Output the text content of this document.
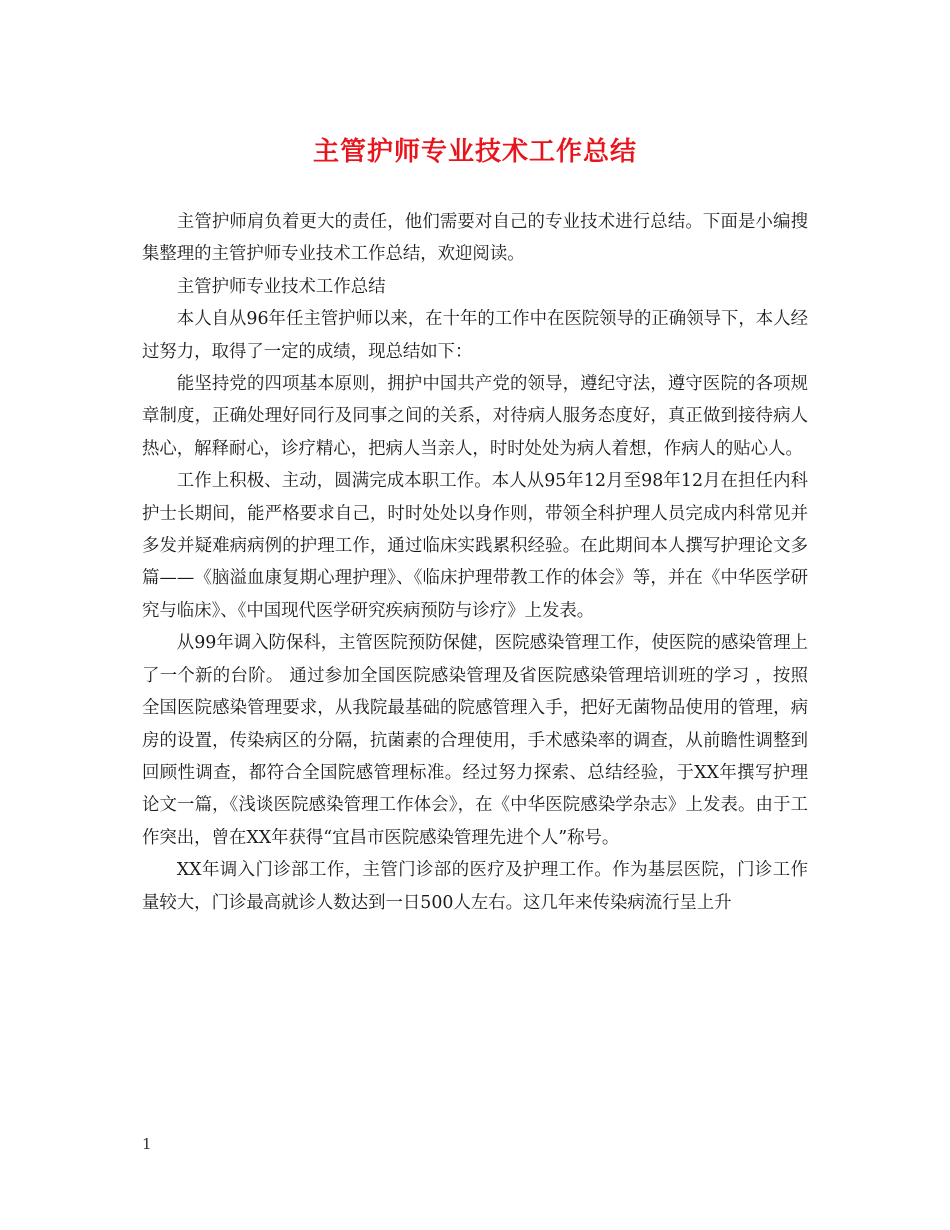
主管护师专业技术工作总结

主管护师肩负着更大的责任，他们需要对自己的专业技术进行总结。下面是小编搜集整理的主管护师专业技术工作总结，欢迎阅读。

主管护师专业技术工作总结

本人自从96年任主管护师以来，在十年的工作中在医院领导的正确领导下，本人经过努力，取得了一定的成绩，现总结如下：

能坚持党的四项基本原则，拥护中国共产党的领导，遵纪守法，遵守医院的各项规章制度，正确处理好同行及同事之间的关系，对待病人服务态度好，真正做到接待病人热心，解释耐心，诊疗精心，把病人当亲人，时时处处为病人着想，作病人的贴心人。

工作上积极、主动，圆满完成本职工作。本人从95年12月至98年12月在担任内科护士长期间，能严格要求自己，时时处处以身作则，带领全科护理人员完成内科常见并多发并疑难病病例的护理工作，通过临床实践累积经验。在此期间本人撰写护理论文多篇——《脑溢血康复期心理护理》、《临床护理带教工作的体会》等，并在《中华医学研究与临床》、《中国现代医学研究疾病预防与诊疗》上发表。

从99年调入防保科，主管医院预防保健，医院感染管理工作，使医院的感染管理上了一个新的台阶。 通过参加全国医院感染管理及省医院感染管理培训班的学习 ，按照全国医院感染管理要求，从我院最基础的院感管理入手，把好无菌物品使用的管理，病房的设置，传染病区的分隔，抗菌素的合理使用，手术感染率的调查，从前瞻性调整到回顾性调查，都符合全国院感管理标准。经过努力探索、总结经验，于XX年撰写护理论文一篇，《浅谈医院感染管理工作体会》，在《中华医院感染学杂志》上发表。由于工作突出，曾在XX年获得“宜昌市医院感染管理先进个人”称号。

XX年调入门诊部工作，主管门诊部的医疗及护理工作。作为基层医院，门诊工作量较大，门诊最高就诊人数达到一日500人左右。这几年来传染病流行呈上升

1
